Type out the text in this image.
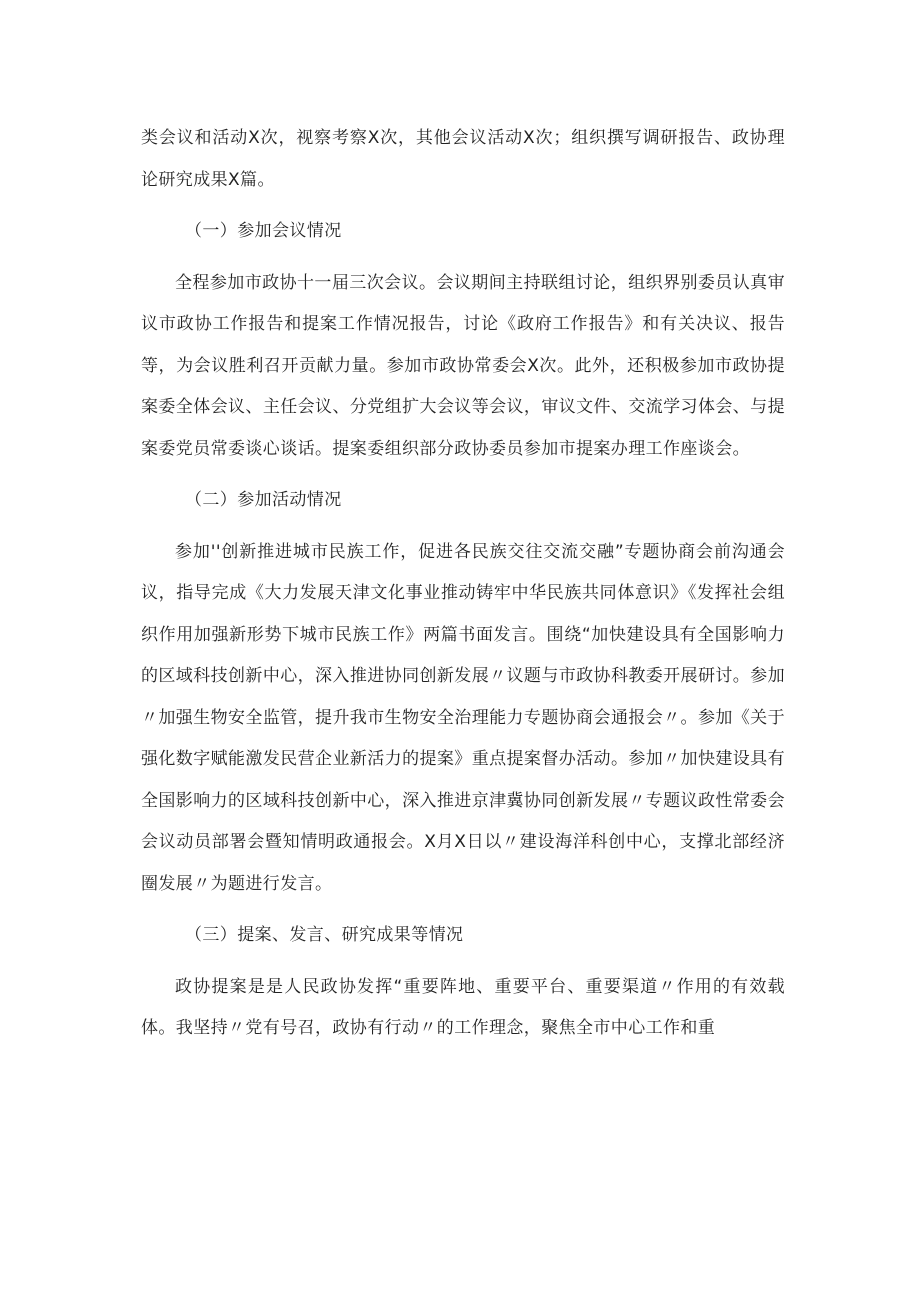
类会议和活动X次，视察考察X次，其他会议活动X次；组织撰写调研报告、政协理论研究成果X篇。

（一）参加会议情况

全程参加市政协十一届三次会议。会议期间主持联组讨论，组织界别委员认真审议市政协工作报告和提案工作情况报告，讨论《政府工作报告》和有关决议、报告等，为会议胜利召开贡献力量。参加市政协常委会X次。此外，还积极参加市政协提案委全体会议、主任会议、分党组扩大会议等会议，审议文件、交流学习体会、与提案委党员常委谈心谈话。提案委组织部分政协委员参加市提案办理工作座谈会。

（二）参加活动情况

参加''创新推进城市民族工作，促进各民族交往交流交融”专题协商会前沟通会议，指导完成《大力发展天津文化事业推动铸牢中华民族共同体意识》《发挥社会组织作用加强新形势下城市民族工作》两篇书面发言。围绕“加快建设具有全国影响力的区域科技创新中心，深入推进协同创新发展〃议题与市政协科教委开展研讨。参加〃加强生物安全监管，提升我市生物安全治理能力专题协商会通报会〃。参加《关于强化数字赋能激发民营企业新活力的提案》重点提案督办活动。参加〃加快建设具有全国影响力的区域科技创新中心，深入推进京津冀协同创新发展〃专题议政性常委会会议动员部署会暨知情明政通报会。X月X日以〃建设海洋科创中心，支撑北部经济圈发展〃为题进行发言。

（三）提案、发言、研究成果等情况

政协提案是是人民政协发挥“重要阵地、重要平台、重要渠道〃作用的有效载体。我坚持〃党有号召，政协有行动〃的工作理念，聚焦全市中心工作和重
